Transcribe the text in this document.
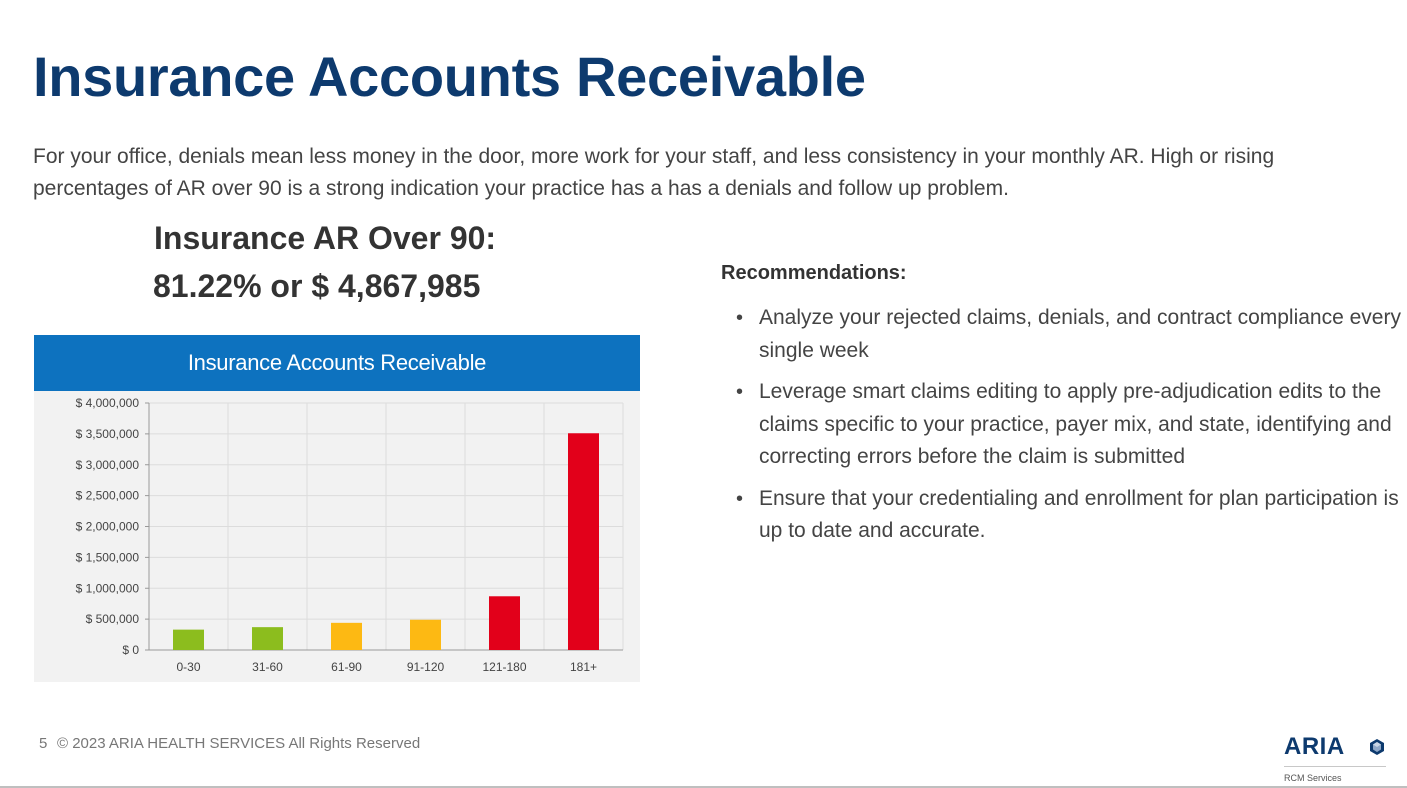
Insurance Accounts Receivable
For your office, denials mean less money in the door, more work for your staff, and less consistency in your monthly AR. High or rising percentages of AR over 90 is a strong indication your practice has a has a denials and follow up problem.
Insurance AR Over 90:
81.22% or $ 4,867,985
Insurance Accounts Receivable
$ 0
$ 500,000
$ 1,000,000
$ 1,500,000
$ 2,000,000
$ 2,500,000
$ 3,000,000
$ 3,500,000
$ 4,000,000
0-30	31-60	61-90	91-120	121-180	181+
Recommendations:
• Analyze your rejected claims, denials, and contract compliance every single week
• Leverage smart claims editing to apply pre-adjudication edits to the claims specific to your practice, payer mix, and state, identifying and correcting errors before the claim is submitted
• Ensure that your credentialing and enrollment for plan participation is up to date and accurate.
5 © 2023 ARIA HEALTH SERVICES All Rights Reserved	ARIA
RCM Services
